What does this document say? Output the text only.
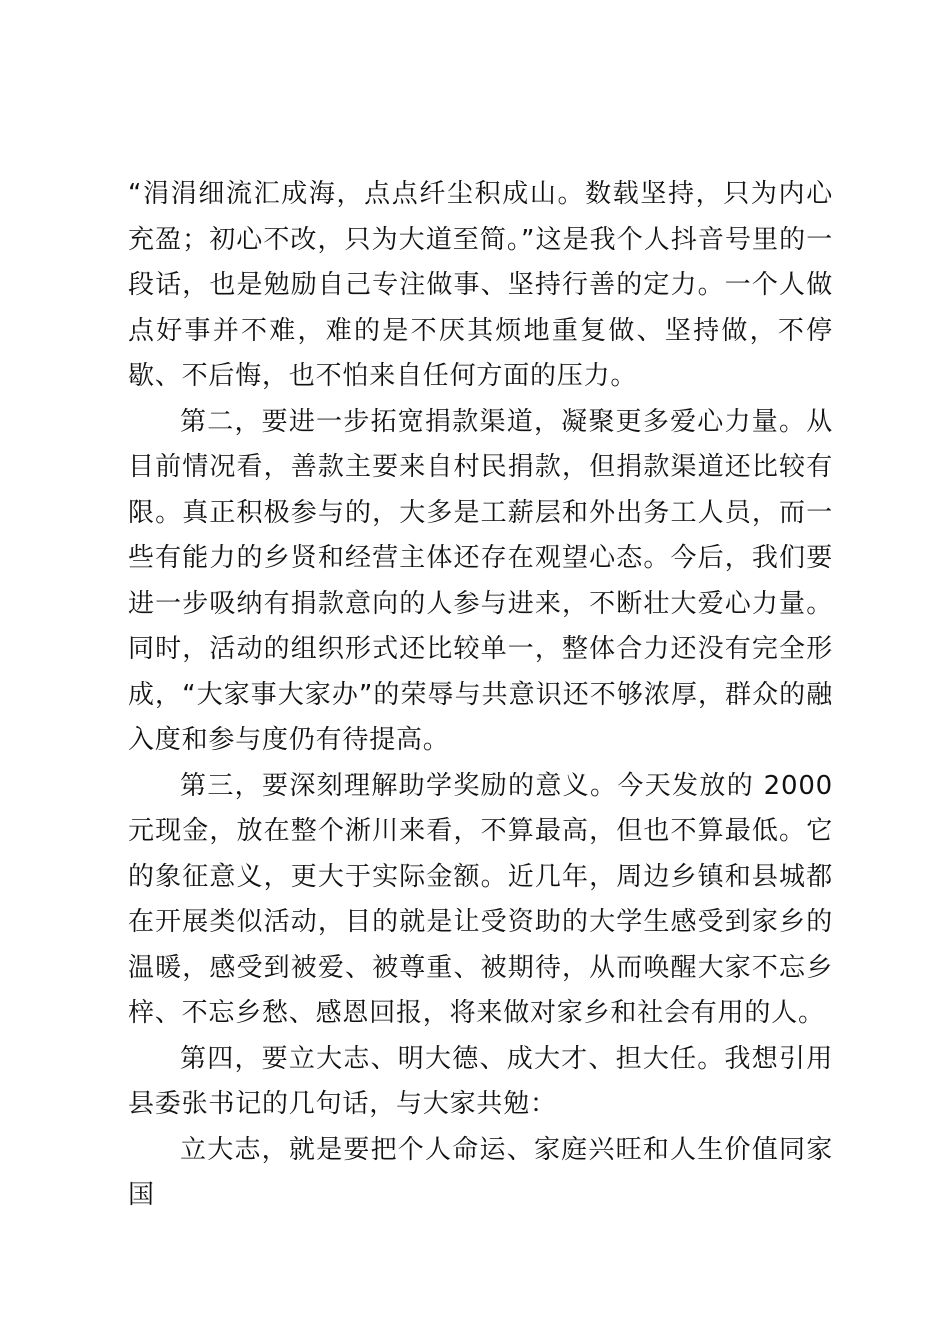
“涓涓细流汇成海，点点纤尘积成山。数载坚持，只为内心充盈；初心不改，只为大道至简。”这是我个人抖音号里的一段话，也是勉励自己专注做事、坚持行善的定力。一个人做点好事并不难，难的是不厌其烦地重复做、坚持做，不停歇、不后悔，也不怕来自任何方面的压力。

第二，要进一步拓宽捐款渠道，凝聚更多爱心力量。从目前情况看，善款主要来自村民捐款，但捐款渠道还比较有限。真正积极参与的，大多是工薪层和外出务工人员，而一些有能力的乡贤和经营主体还存在观望心态。今后，我们要进一步吸纳有捐款意向的人参与进来，不断壮大爱心力量。同时，活动的组织形式还比较单一，整体合力还没有完全形成，“大家事大家办”的荣辱与共意识还不够浓厚，群众的融入度和参与度仍有待提高。

第三，要深刻理解助学奖励的意义。今天发放的 2000 元现金，放在整个淅川来看，不算最高，但也不算最低。它的象征意义，更大于实际金额。近几年，周边乡镇和县城都在开展类似活动，目的就是让受资助的大学生感受到家乡的温暖，感受到被爱、被尊重、被期待，从而唤醒大家不忘乡梓、不忘乡愁、感恩回报，将来做对家乡和社会有用的人。

第四，要立大志、明大德、成大才、担大任。我想引用县委张书记的几句话，与大家共勉：

立大志，就是要把个人命运、家庭兴旺和人生价值同家国
